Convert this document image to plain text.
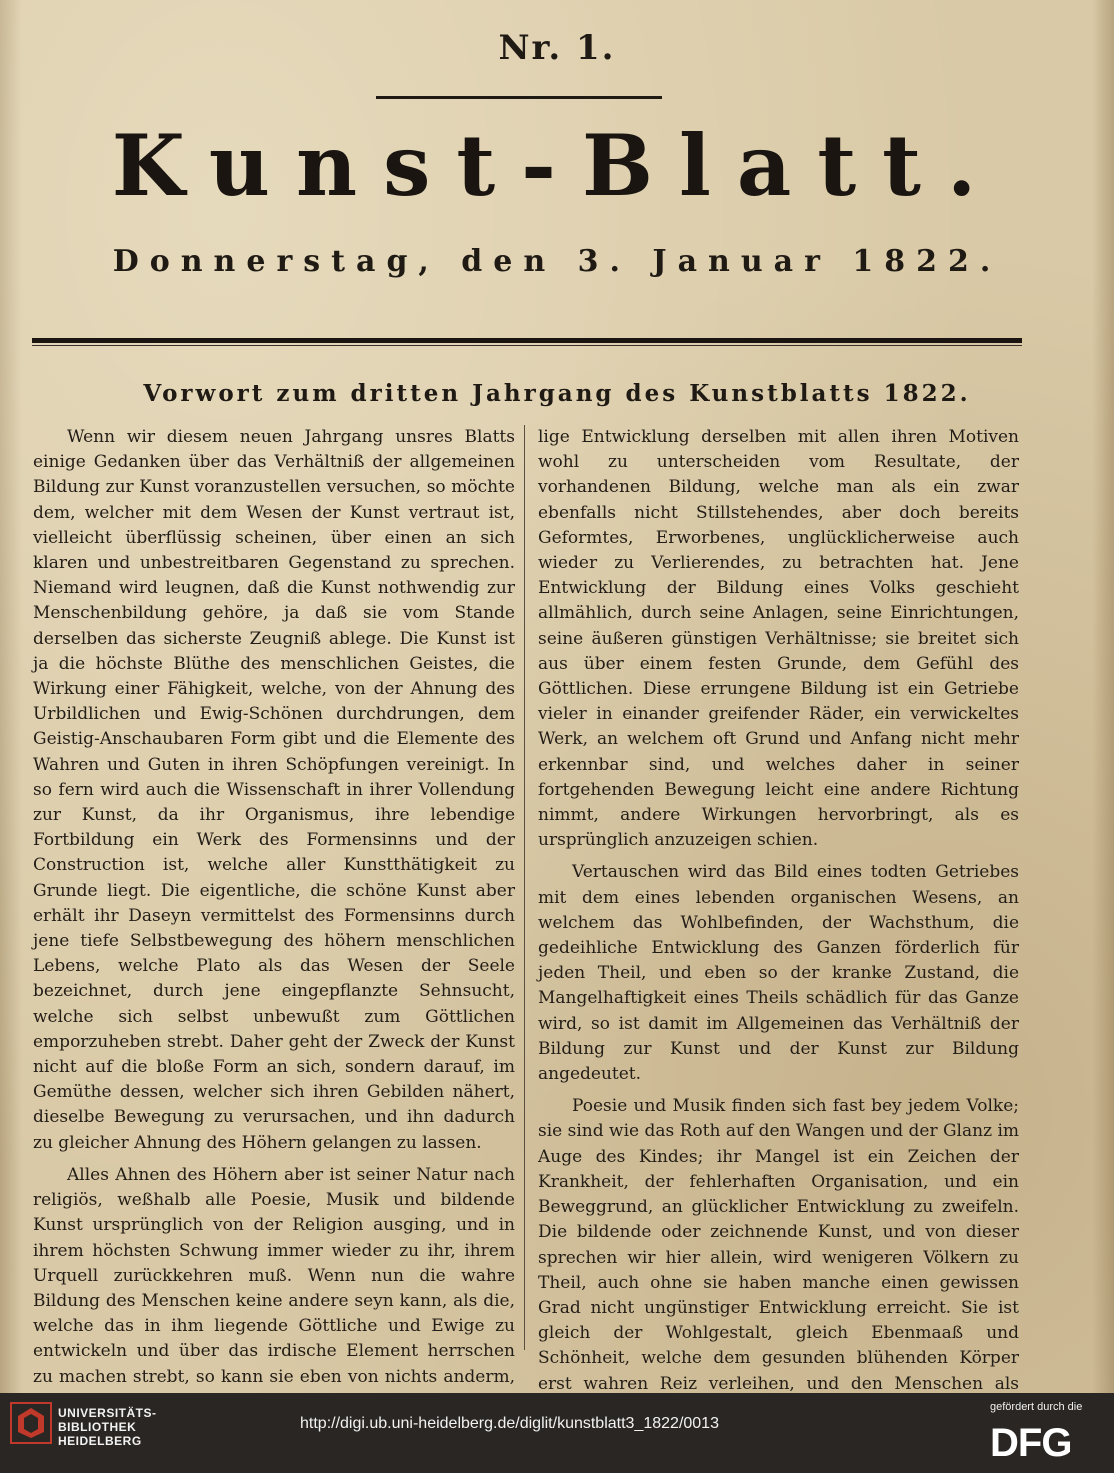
Nr. 1.
Kunst-Blatt.
Donnerstag, den 3. Januar 1822.
Vorwort zum dritten Jahrgang des Kunstblatts 1822.

Wenn wir diesem neuen Jahrgang unsres Blatts einige Gedanken über das Verhältniß der allgemeinen Bildung zur Kunst voranzustellen versuchen, so möchte dem, welcher mit dem Wesen der Kunst vertraut ist, vielleicht überflüssig scheinen, über einen an sich klaren und unbestreitbaren Gegenstand zu sprechen. Niemand wird leugnen, daß die Kunst nothwendig zur Menschenbildung gehöre, ja daß sie vom Stande derselben das sicherste Zeugniß ablege. Die Kunst ist ja die höchste Blüthe des menschlichen Geistes, die Wirkung einer Fähigkeit, welche, von der Ahnung des Urbildlichen und Ewig-Schönen durchdrungen, dem Geistig-Anschaubaren Form gibt und die Elemente des Wahren und Guten in ihren Schöpfungen vereinigt. In so fern wird auch die Wissenschaft in ihrer Vollendung zur Kunst, da ihr Organismus, ihre lebendige Fortbildung ein Werk des Formensinns und der Construction ist, welche aller Kunstthätigkeit zu Grunde liegt. Die eigentliche, die schöne Kunst aber erhält ihr Daseyn vermittelst des Formensinns durch jene tiefe Selbstbewegung des höhern menschlichen Lebens, welche Plato als das Wesen der Seele bezeichnet, durch jene eingepflanzte Sehnsucht, welche sich selbst unbewußt zum Göttlichen emporzuheben strebt. Daher geht der Zweck der Kunst nicht auf die bloße Form an sich, sondern darauf, im Gemüthe dessen, welcher sich ihren Gebilden nähert, dieselbe Bewegung zu verursachen, und ihn dadurch zu gleicher Ahnung des Höhern gelangen zu lassen.

Alles Ahnen des Höhern aber ist seiner Natur nach religiös, weßhalb alle Poesie, Musik und bildende Kunst ursprünglich von der Religion ausging, und in ihrem höchsten Schwung immer wieder zu ihr, ihrem Urquell zurückkehren muß. Wenn nun die wahre Bildung des Menschen keine andere seyn kann, als die, welche das in ihm liegende Göttliche und Ewige zu entwickeln und über das irdische Element herrschen zu machen strebt, so kann sie eben von nichts anderm,

lige Entwicklung derselben mit allen ihren Motiven wohl zu unterscheiden vom Resultate, der vorhandenen Bildung, welche man als ein zwar ebenfalls nicht Stillstehendes, aber doch bereits Geformtes, Erworbenes, unglücklicherweise auch wieder zu Verlierendes, zu betrachten hat. Jene Entwicklung der Bildung eines Volks geschieht allmählich, durch seine Anlagen, seine Einrichtungen, seine äußeren günstigen Verhältnisse; sie breitet sich aus über einem festen Grunde, dem Gefühl des Göttlichen. Diese errungene Bildung ist ein Getriebe vieler in einander greifender Räder, ein verwickeltes Werk, an welchem oft Grund und Anfang nicht mehr erkennbar sind, und welches daher in seiner fortgehenden Bewegung leicht eine andere Richtung nimmt, andere Wirkungen hervorbringt, als es ursprünglich anzuzeigen schien.

Vertauschen wird das Bild eines todten Getriebes mit dem eines lebenden organischen Wesens, an welchem das Wohlbefinden, der Wachsthum, die gedeihliche Entwicklung des Ganzen förderlich für jeden Theil, und eben so der kranke Zustand, die Mangelhaftigkeit eines Theils schädlich für das Ganze wird, so ist damit im Allgemeinen das Verhältniß der Bildung zur Kunst und der Kunst zur Bildung angedeutet.

Poesie und Musik finden sich fast bey jedem Volke; sie sind wie das Roth auf den Wangen und der Glanz im Auge des Kindes; ihr Mangel ist ein Zeichen der Krankheit, der fehlerhaften Organisation, und ein Beweggrund, an glücklicher Entwicklung zu zweifeln. Die bildende oder zeichnende Kunst, und von dieser sprechen wir hier allein, wird wenigeren Völkern zu Theil, auch ohne sie haben manche einen gewissen Grad nicht ungünstiger Entwicklung erreicht. Sie ist gleich der Wohlgestalt, gleich Ebenmaaß und Schönheit, welche dem gesunden blühenden Körper erst wahren Reiz verleihen, und den Menschen als

UNIVERSITÄTS-
BIBLIOTHEK
HEIDELBERG
http://digi.ub.uni-heidelberg.de/diglit/kunstblatt3_1822/0013
gefördert durch die
DFG
